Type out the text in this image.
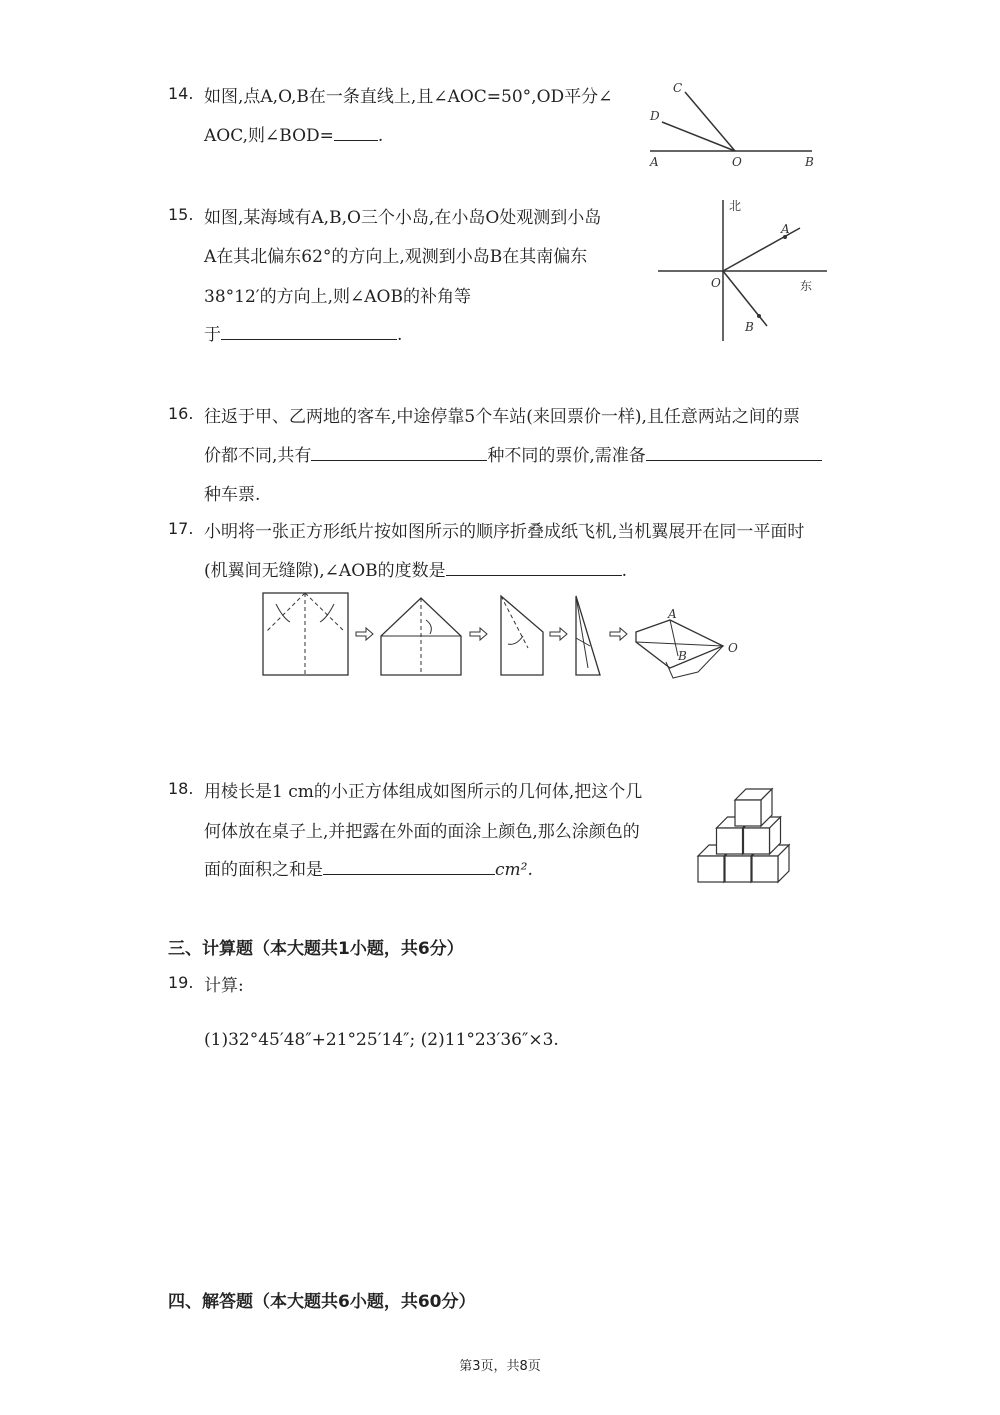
14. 如图,点A,O,B在一条直线上,且∠AOC=50°,OD平分∠
AOC,则∠BOD=	.
C
D
A	O	B
15. 如图,某海域有A,B,O三个小岛,在小岛O处观测到小岛
A在其北偏东62°的方向上,观测到小岛B在其南偏东
38°12′的方向上,则∠AOB的补角等
于	.
北
东
A
O
B
16. 往返于甲、乙两地的客车,中途停靠5个车站(来回票价一样),且任意两站之间的票
价都不同,共有	种不同的票价,需准备
种车票.
17. 小明将一张正方形纸片按如图所示的顺序折叠成纸飞机,当机翼展开在同一平面时
(机翼间无缝隙),∠AOB的度数是	.
A
B
O
18. 用棱长是1 cm的小正方体组成如图所示的几何体,把这个几
何体放在桌子上,并把露在外面的面涂上颜色,那么涂颜色的
面的面积之和是	cm².
三、计算题（本大题共1小题，共6分）
19. 计算:
(1)32°45′48″+21°25′14″; (2)11°23′36″×3.
四、解答题（本大题共6小题，共60分）
第3页，共8页
